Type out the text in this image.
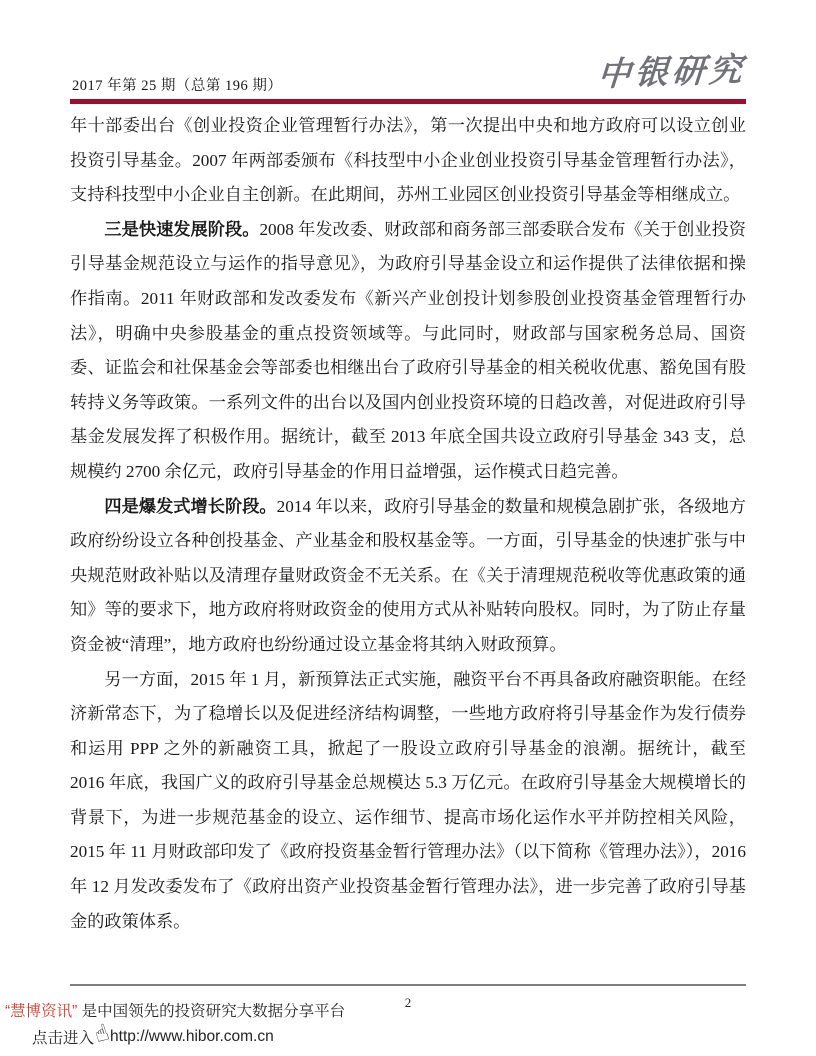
2017 年第 25 期（总第 196 期）	中银研究

年十部委出台《创业投资企业管理暂行办法》，第一次提出中央和地方政府可以设立创业投资引导基金。2007 年两部委颁布《科技型中小企业创业投资引导基金管理暂行办法》，支持科技型中小企业自主创新。在此期间，苏州工业园区创业投资引导基金等相继成立。

三是快速发展阶段。2008 年发改委、财政部和商务部三部委联合发布《关于创业投资引导基金规范设立与运作的指导意见》，为政府引导基金设立和运作提供了法律依据和操作指南。2011 年财政部和发改委发布《新兴产业创投计划参股创业投资基金管理暂行办法》，明确中央参股基金的重点投资领域等。与此同时，财政部与国家税务总局、国资委、证监会和社保基金会等部委也相继出台了政府引导基金的相关税收优惠、豁免国有股转持义务等政策。一系列文件的出台以及国内创业投资环境的日趋改善，对促进政府引导基金发展发挥了积极作用。据统计，截至 2013 年底全国共设立政府引导基金 343 支，总规模约 2700 余亿元，政府引导基金的作用日益增强，运作模式日趋完善。

四是爆发式增长阶段。2014 年以来，政府引导基金的数量和规模急剧扩张，各级地方政府纷纷设立各种创投基金、产业基金和股权基金等。一方面，引导基金的快速扩张与中央规范财政补贴以及清理存量财政资金不无关系。在《关于清理规范税收等优惠政策的通知》等的要求下，地方政府将财政资金的使用方式从补贴转向股权。同时，为了防止存量资金被“清理”，地方政府也纷纷通过设立基金将其纳入财政预算。

另一方面，2015 年 1 月，新预算法正式实施，融资平台不再具备政府融资职能。在经济新常态下，为了稳增长以及促进经济结构调整，一些地方政府将引导基金作为发行债券和运用 PPP 之外的新融资工具，掀起了一股设立政府引导基金的浪潮。据统计，截至 2016 年底，我国广义的政府引导基金总规模达 5.3 万亿元。在政府引导基金大规模增长的背景下，为进一步规范基金的设立、运作细节、提高市场化运作水平并防控相关风险，2015 年 11 月财政部印发了《政府投资基金暂行管理办法》（以下简称《管理办法》），2016 年 12 月发改委发布了《政府出资产业投资基金暂行管理办法》，进一步完善了政府引导基金的政策体系。

2
“慧博资讯” 是中国领先的投资研究大数据分享平台
点击进入
☝
http://www.hibor.com.cn
